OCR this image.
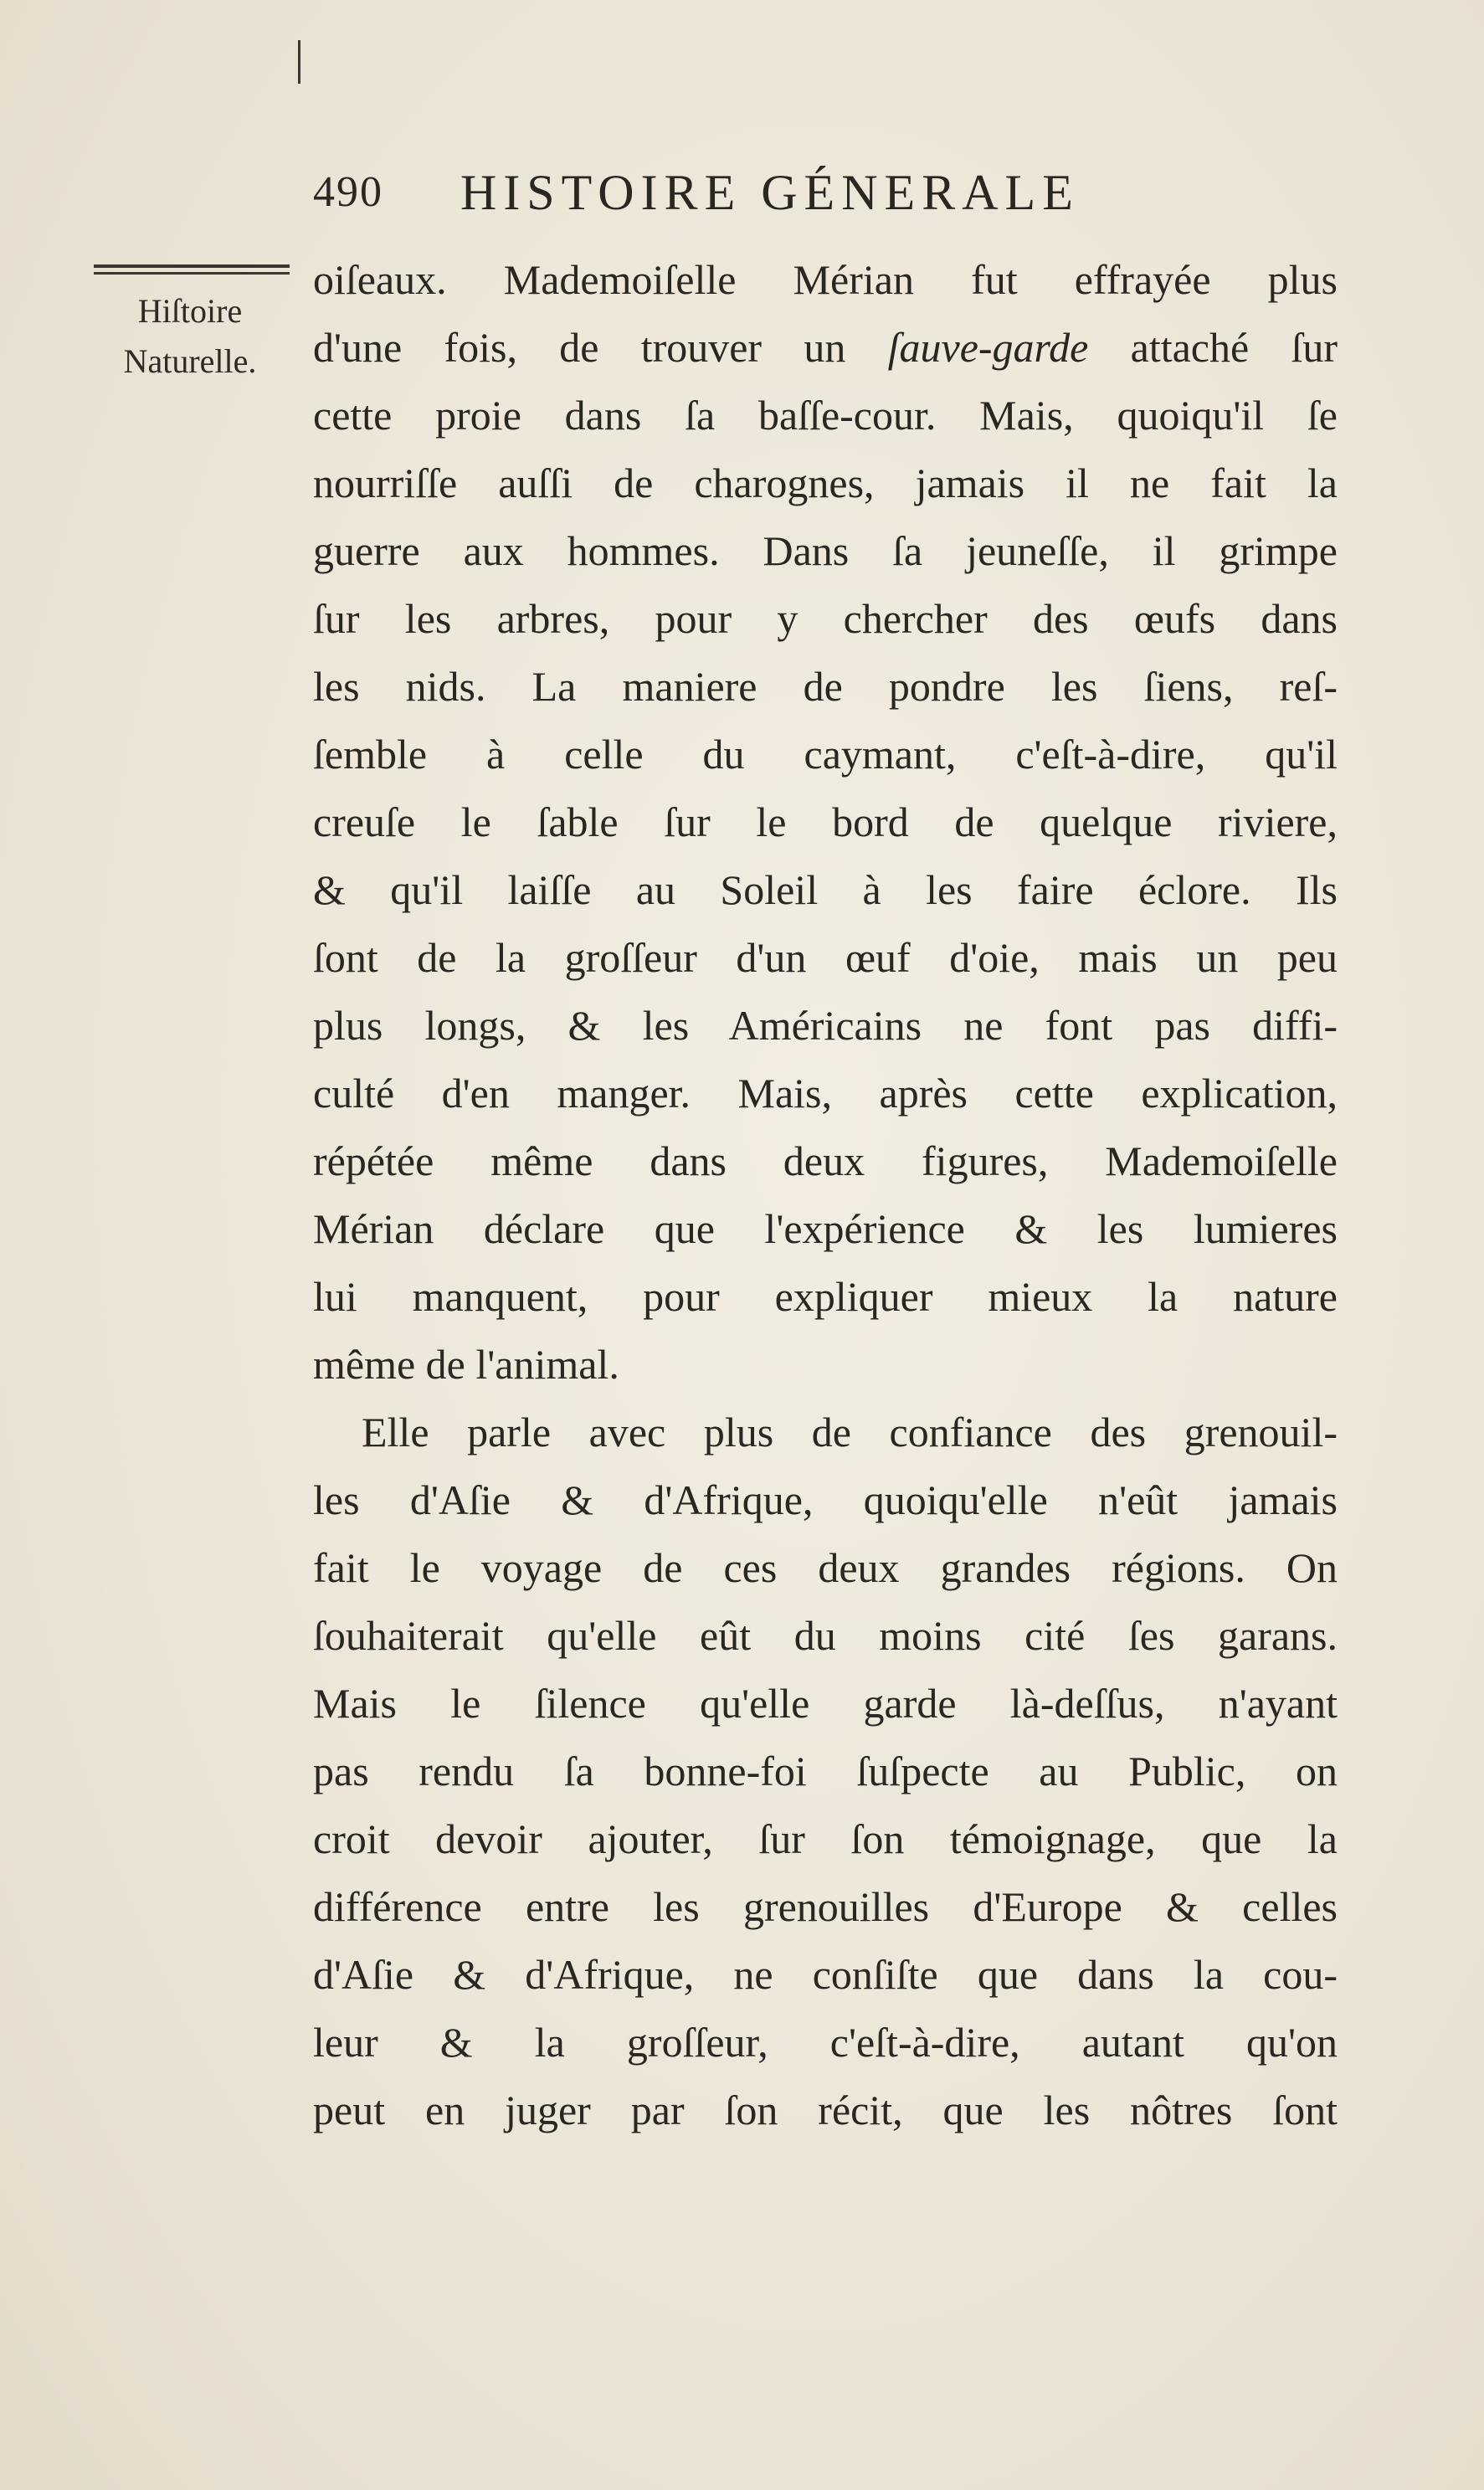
490 HISTOIRE GÉNERALE
Hiſtoire
Naturelle.
oiſeaux. Mademoiſelle Mérian fut effrayée plus
d'une fois, de trouver un ſauve-garde attaché ſur
cette proie dans ſa baſſe-cour. Mais, quoiqu'il ſe
nourriſſe auſſi de charognes, jamais il ne fait la
guerre aux hommes. Dans ſa jeuneſſe, il grimpe
ſur les arbres, pour y chercher des œufs dans
les nids. La maniere de pondre les ſiens, reſ-
ſemble à celle du caymant, c'eſt-à-dire, qu'il
creuſe le ſable ſur le bord de quelque riviere,
& qu'il laiſſe au Soleil à les faire éclore. Ils
ſont de la groſſeur d'un œuf d'oie, mais un peu
plus longs, & les Américains ne font pas diffi-
culté d'en manger. Mais, après cette explication,
répétée même dans deux figures, Mademoiſelle
Mérian déclare que l'expérience & les lumieres
lui manquent, pour expliquer mieux la nature
même de l'animal.
Elle parle avec plus de confiance des grenouil-
les d'Aſie & d'Afrique, quoiqu'elle n'eût jamais
fait le voyage de ces deux grandes régions. On
ſouhaiterait qu'elle eût du moins cité ſes garans.
Mais le ſilence qu'elle garde là-deſſus, n'ayant
pas rendu ſa bonne-foi ſuſpecte au Public, on
croit devoir ajouter, ſur ſon témoignage, que la
différence entre les grenouilles d'Europe & celles
d'Aſie & d'Afrique, ne conſiſte que dans la cou-
leur & la groſſeur, c'eſt-à-dire, autant qu'on
peut en juger par ſon récit, que les nôtres ſont
